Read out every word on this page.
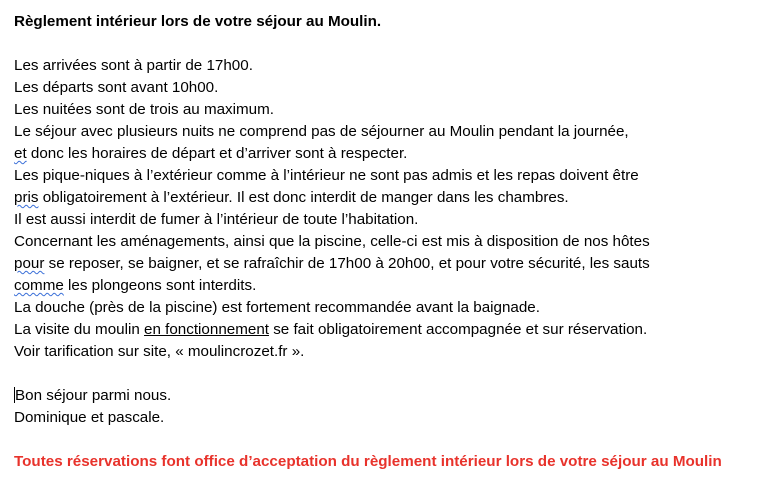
Règlement intérieur lors de votre séjour au Moulin.
Les arrivées sont à partir de 17h00.
Les départs sont avant 10h00.
Les nuitées sont de trois au maximum.
Le séjour avec plusieurs nuits ne comprend pas de séjourner au Moulin pendant la journée,
et donc les horaires de départ et d’arriver sont à respecter.
Les pique-niques à l’extérieur comme à l’intérieur ne sont pas admis et les repas doivent être
pris obligatoirement à l’extérieur. Il est donc interdit de manger dans les chambres.
Il est aussi interdit de fumer à l’intérieur de toute l’habitation.
Concernant les aménagements, ainsi que la piscine, celle-ci est mis à disposition de nos hôtes
pour se reposer, se baigner, et se rafraîchir de 17h00 à 20h00, et pour votre sécurité, les sauts
comme les plongeons sont interdits.
La douche (près de la piscine) est fortement recommandée avant la baignade.
La visite du moulin en fonctionnement se fait obligatoirement accompagnée et sur réservation.
Voir tarification sur site, « moulincrozet.fr ».
Bon séjour parmi nous.
Dominique et pascale.
Toutes réservations font office d’acceptation du règlement intérieur lors de votre séjour au Moulin
